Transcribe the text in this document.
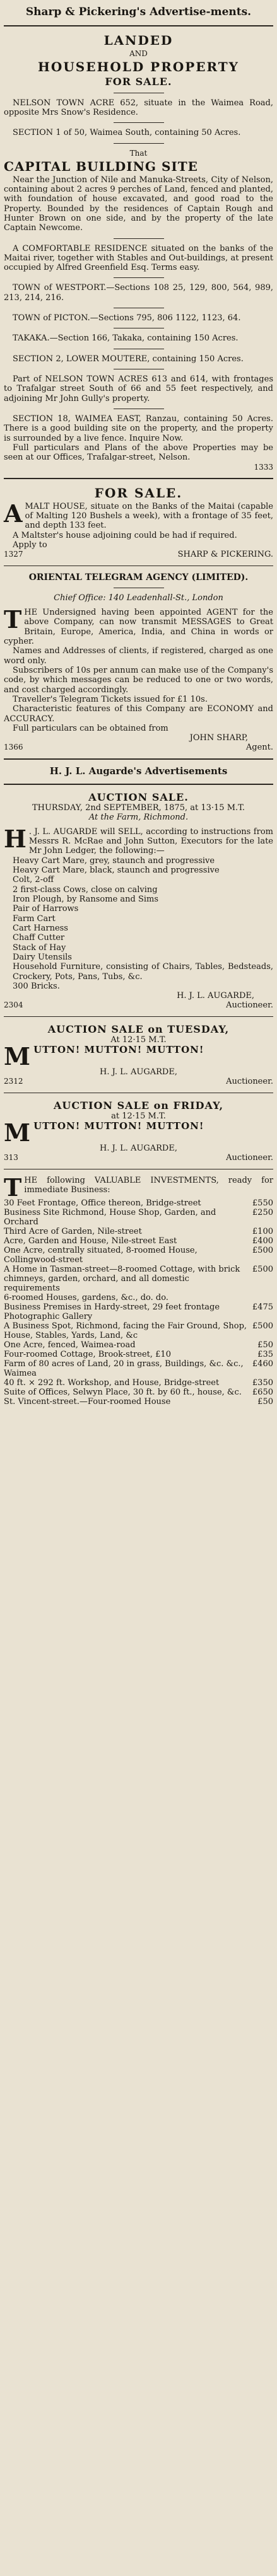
Sharp & Pickering's Advertise-ments.
LANDED
AND
HOUSEHOLD PROPERTY
FOR SALE.

NELSON TOWN ACRE 652, situate in the Waimea Road, opposite Mrs Snow's Residence.

SECTION 1 of 50, Waimea South, containing 50 Acres.

That
CAPITAL BUILDING SITE

Near the Junction of Nile and Manuka-Streets, City of Nelson, containing about 2 acres 9 perches of Land, fenced and planted, with foundation of house excavated, and good road to the Property. Bounded by the residences of Captain Rough and Hunter Brown on one side, and by the property of the late Captain Newcome.

A COMFORTABLE RESIDENCE situated on the banks of the Maitai river, together with Stables and Out-buildings, at present occupied by Alfred Greenfield Esq. Terms easy.

TOWN of WESTPORT.—Sections 108 25, 129, 800, 564, 989, 213, 214, 216.

TOWN of PICTON.—Sections 795, 806 1122, 1123, 64.

TAKAKA.—Section 166, Takaka, containing 150 Acres.

SECTION 2, LOWER MOUTERE, containing 150 Acres.

Part of NELSON TOWN ACRES 613 and 614, with frontages to Trafalgar street South of 66 and 55 feet respectively, and adjoining Mr John Gully's property.

SECTION 18, WAIMEA EAST, Ranzau, containing 50 Acres. There is a good building site on the property, and the property is surrounded by a live fence. Inquire Now.

Full particulars and Plans of the above Properties may be seen at our Offices, Trafalgar-street, Nelson.

1333
FOR SALE.

AMALT HOUSE, situate on the Banks of the Maitai (capable of Malting 120 Bushels a week), with a frontage of 35 feet, and depth 133 feet.

A Maltster's house adjoining could be had if required.

Apply to
1327	SHARP & PICKERING.
ORIENTAL TELEGRAM AGENCY (LIMITED).
Chief Office: 140 Leadenhall-St., London

THE Undersigned having been appointed AGENT for the above Company, can now transmit MESSAGES to Great Britain, Europe, America, India, and China in words or cypher.

Names and Addresses of clients, if registered, charged as one word only.

Subscribers of 10s per annum can make use of the Company's code, by which messages can be reduced to one or two words, and cost charged accordingly.

Traveller's Telegram Tickets issued for £1 10s.

Characteristic features of this Company are ECONOMY and ACCURACY.

Full particulars can be obtained from

JOHN SHARP,
1366	Agent.
H. J. L. Augarde's Advertisements
AUCTION SALE.
THURSDAY, 2nd SEPTEMBER, 1875, at 13·15 M.T.
At the Farm, Richmond.

H . J. L. AUGARDE will SELL, according to instructions from Messrs R. McRae and John Sutton, Executors for the late Mr John Ledger, the following:—

Heavy Cart Mare, grey, staunch and progressive

Heavy Cart Mare, black, staunch and progressive

Colt, 2-off

2 first-class Cows, close on calving

Iron Plough, by Ransome and Sims

Pair of Harrows

Farm Cart

Cart Harness

Chaff Cutter

Stack of Hay

Dairy Utensils

Household Furniture, consisting of Chairs, Tables, Bedsteads, Crockery, Pots, Pans, Tubs, &c.

300 Bricks.

H. J. L. AUGARDE,
2304	Auctioneer.
AUCTION SALE on TUESDAY,
At 12·15 M.T.

MUTTON! MUTTON! MUTTON!

H. J. L. AUGARDE,
2312	Auctioneer.
AUCTION SALE on FRIDAY,
at 12·15 M.T.

MUTTON! MUTTON! MUTTON!

H. J. L. AUGARDE,
313	Auctioneer.

THE following VALUABLE INVESTMENTS, ready for immediate Business:

30 Feet Frontage, Office thereon, Bridge-street	£550
Business Site Richmond, House Shop, Garden, and Orchard
£250
Third Acre of Garden, Nile-street	£100
Acre, Garden and House, Nile-street East	£400
One Acre, centrally situated, 8-roomed House, Collingwood-street
£500
A Home in Tasman-street—8-roomed Cottage, with brick chimneys, garden, orchard, and all domestic requirements
£500
6-roomed Houses, gardens, &c., do. do.
Business Premises in Hardy-street, 29 feet frontage	£475
Photographic Gallery
A Business Spot, Richmond, facing the Fair Ground, Shop, House, Stables, Yards, Land, &c
£500
One Acre, fenced, Waimea-road	£50
Four-roomed Cottage, Brook-street, £10	£35
Farm of 80 acres of Land, 20 in grass, Buildings, &c. &c., Waimea
£460
40 ft. × 292 ft. Workshop, and House, Bridge-street	£350
Suite of Offices, Selwyn Place, 30 ft. by 60 ft., house, &c.	£650
St. Vincent-street.—Four-roomed House	£50
